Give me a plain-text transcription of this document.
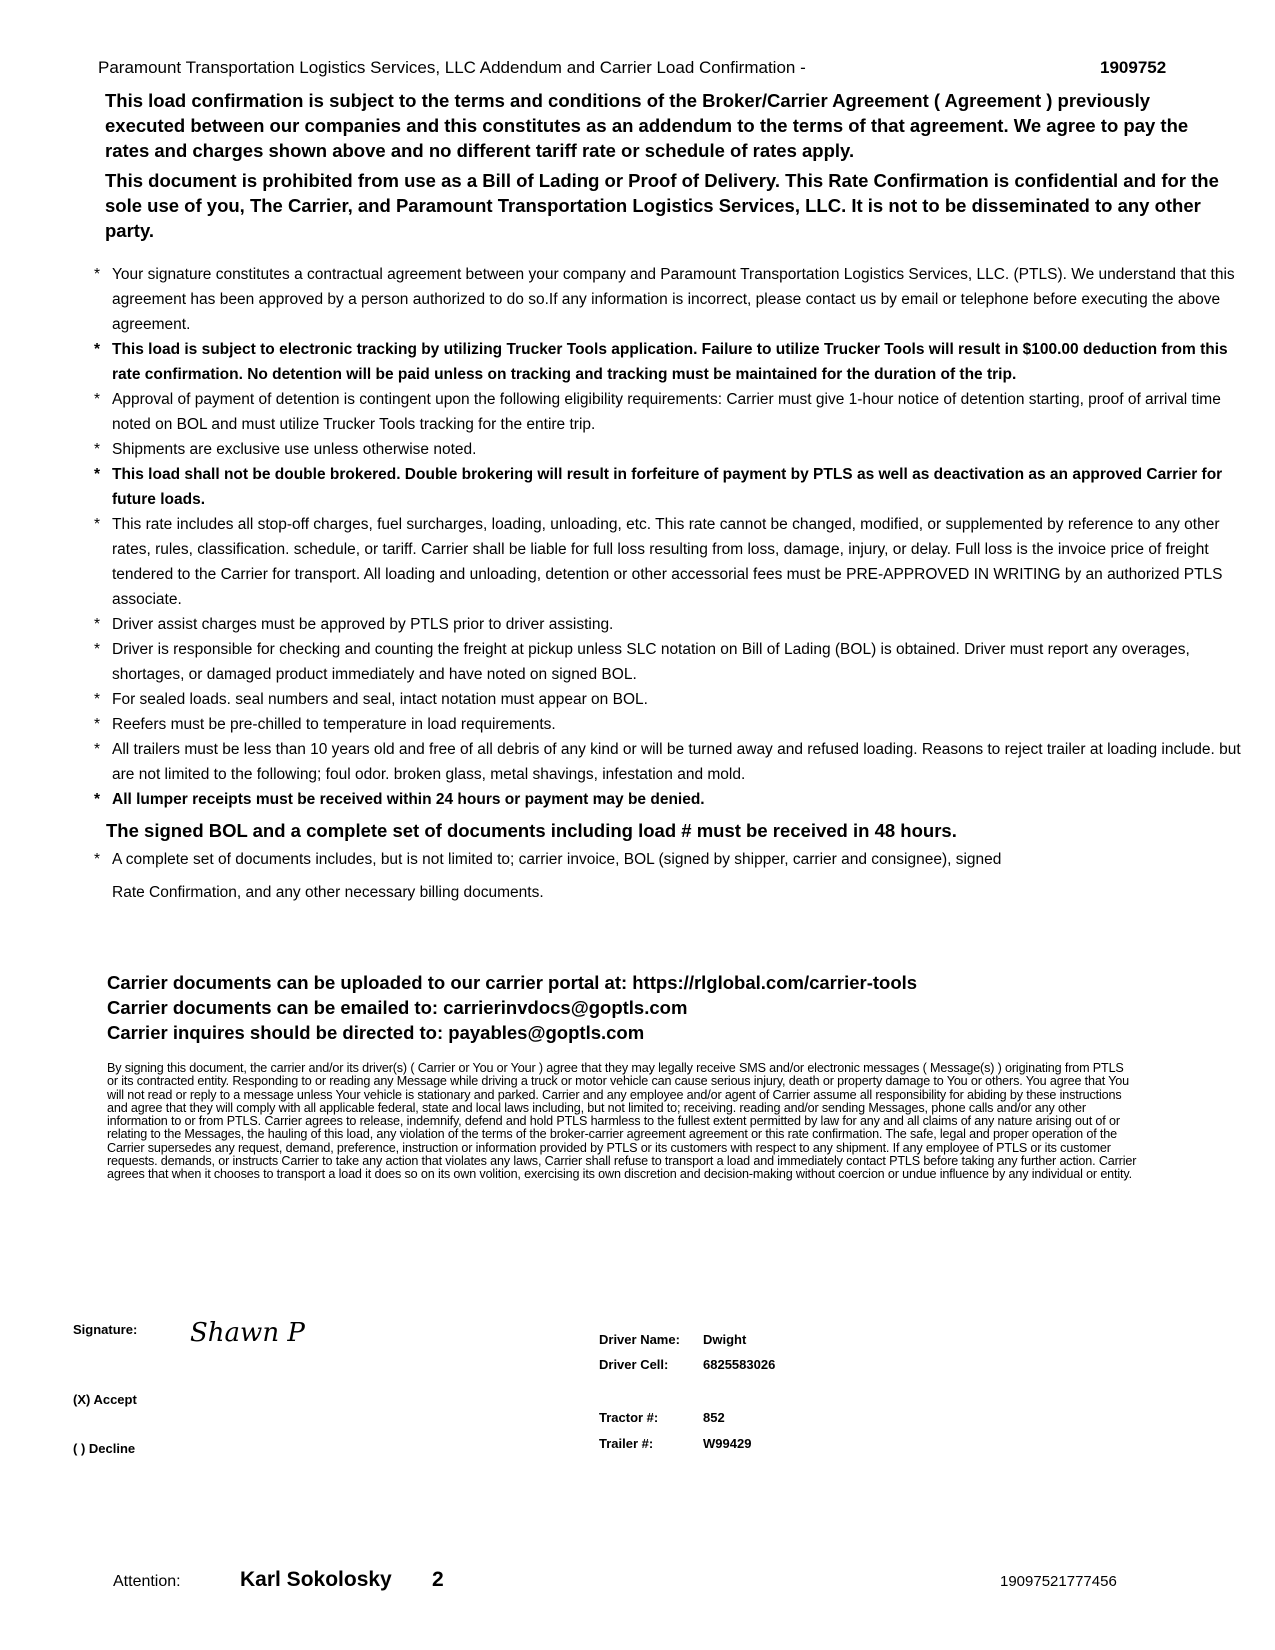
Paramount Transportation Logistics Services, LLC Addendum and Carrier Load Confirmation -	1909752
This load confirmation is subject to the terms and conditions of the Broker/Carrier Agreement ( Agreement ) previously executed between our companies and this constitutes as an addendum to the terms of that agreement. We agree to pay the rates and charges shown above and no different tariff rate or schedule of rates apply.
This document is prohibited from use as a Bill of Lading or Proof of Delivery. This Rate Confirmation is confidential and for the sole use of you, The Carrier, and Paramount Transportation Logistics Services, LLC. It is not to be disseminated to any other party.
* Your signature constitutes a contractual agreement between your company and Paramount Transportation Logistics Services, LLC. (PTLS). We understand that this agreement has been approved by a person authorized to do so.If any information is incorrect, please contact us by email or telephone before executing the above agreement.
* This load is subject to electronic tracking by utilizing Trucker Tools application. Failure to utilize Trucker Tools will result in $100.00 deduction from this rate confirmation. No detention will be paid unless on tracking and tracking must be maintained for the duration of the trip.
* Approval of payment of detention is contingent upon the following eligibility requirements: Carrier must give 1-hour notice of detention starting, proof of arrival time noted on BOL and must utilize Trucker Tools tracking for the entire trip.
* Shipments are exclusive use unless otherwise noted.
* This load shall not be double brokered. Double brokering will result in forfeiture of payment by PTLS as well as deactivation as an approved Carrier for future loads.
* This rate includes all stop-off charges, fuel surcharges, loading, unloading, etc. This rate cannot be changed, modified, or supplemented by reference to any other rates, rules, classification. schedule, or tariff. Carrier shall be liable for full loss resulting from loss, damage, injury, or delay. Full loss is the invoice price of freight tendered to the Carrier for transport. All loading and unloading, detention or other accessorial fees must be PRE-APPROVED IN WRITING by an authorized PTLS associate.
* Driver assist charges must be approved by PTLS prior to driver assisting.
* Driver is responsible for checking and counting the freight at pickup unless SLC notation on Bill of Lading (BOL) is obtained. Driver must report any overages, shortages, or damaged product immediately and have noted on signed BOL.
* For sealed loads. seal numbers and seal, intact notation must appear on BOL.
* Reefers must be pre-chilled to temperature in load requirements.
* All trailers must be less than 10 years old and free of all debris of any kind or will be turned away and refused loading. Reasons to reject trailer at loading include. but are not limited to the following; foul odor. broken glass, metal shavings, infestation and mold.
* All lumper receipts must be received within 24 hours or payment may be denied.
The signed BOL and a complete set of documents including load # must be received in 48 hours.
* A complete set of documents includes, but is not limited to; carrier invoice, BOL (signed by shipper, carrier and consignee), signed
Rate Confirmation, and any other necessary billing documents.
Carrier documents can be uploaded to our carrier portal at: https://rlglobal.com/carrier-tools
Carrier documents can be emailed to: carrierinvdocs@goptls.com
Carrier inquires should be directed to: payables@goptls.com
By signing this document, the carrier and/or its driver(s) ( Carrier or You or Your ) agree that they may legally receive SMS and/or electronic messages ( Message(s) ) originating from PTLS or its contracted entity. Responding to or reading any Message while driving a truck or motor vehicle can cause serious injury, death or property damage to You or others. You agree that You will not read or reply to a message unless Your vehicle is stationary and parked. Carrier and any employee and/or agent of Carrier assume all responsibility for abiding by these instructions and agree that they will comply with all applicable federal, state and local laws including, but not limited to; receiving. reading and/or sending Messages, phone calls and/or any other information to or from PTLS. Carrier agrees to release, indemnify, defend and hold PTLS harmless to the fullest extent permitted by law for any and all claims of any nature arising out of or relating to the Messages, the hauling of this load, any violation of the terms of the broker-carrier agreement agreement or this rate confirmation. The safe, legal and proper operation of the Carrier supersedes any request, demand, preference, instruction or information provided by PTLS or its customers with respect to any shipment. If any employee of PTLS or its customer requests. demands, or instructs Carrier to take any action that violates any laws, Carrier shall refuse to transport a load and immediately contact PTLS before taking any further action. Carrier agrees that when it chooses to transport a load it does so on its own volition, exercising its own discretion and decision-making without coercion or undue influence by any individual or entity.
Signature: Shawn P
(X) Accept
( ) Decline
Driver Name: Dwight
Driver Cell:	6825583026
Tractor #:	852
Trailer #:	W99429
Attention:	Karl Sokolosky 2	19097521777456
